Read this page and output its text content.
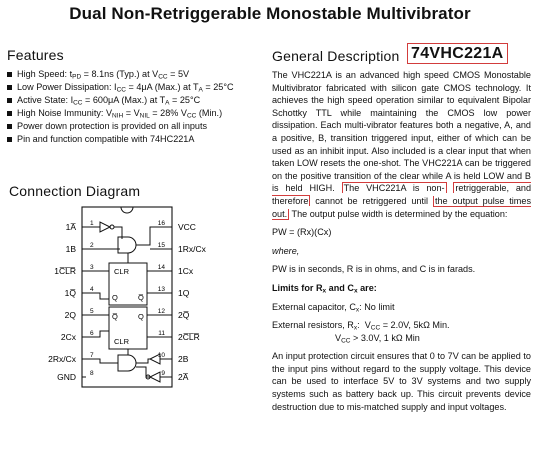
Dual Non-Retriggerable Monostable Multivibrator
Features
High Speed: $t_{PD} = 8.1ns$ (Typ.) at $V_{CC} = 5V$
Low Power Dissipation: $I_{CC} = 4\mu A$ (Max.) at $T_A = 25^\circ C$
Active State: $I_{CC} = 600\mu A$ (Max.) at $T_A = 25^\circ C$
High Noise Immunity: $V_{NIH} = V_{NIL} = 28\%$ $V_{CC}$ (Min.)
Power down protection is provided on all inputs
Pin and function compatible with 74HC221A
Connection Diagram
1A̅
1B
1C̅L̅R̅
1Q̅
2Q
2Cx
2Rx/Cx
GND
1
2
3
4
5
6
7
8
VCC
1Rx/Cx
1Cx
1Q
2Q̅
2C̅L̅R̅
2B
2A̅
16
15
14
13
12
11
10
9
CLR
Q	Q̅
Q̅	Q
CLR
General Description 74VHC221A

The VHC221A is an advanced high speed CMOS Monostable Multivibrator fabricated with silicon gate CMOS technology. It achieves the high speed operation similar to equivalent Bipolar Schottky TTL while maintaining the CMOS low power dissipation. Each multi-vibrator features both a negative, A, and a positive, B, transition triggered input, either of which can be used as an inhibit input. Also included is a clear input that when taken LOW resets the one-shot. The VHC221A can be triggered on the positive transition of the clear while A is held LOW and B is held HIGH. The VHC221A is non- retriggerable, and therefore cannot be retriggered until the output pulse times out. The output pulse width is determined by the equation:

PW = (Rx)(Cx)

where,

PW is in seconds, R is in ohms, and C is in farads.

Limits for $R_x$ and $C_x$ are:

External capacitor, $C_x$: No limit

External resistors, $R_x$:  $V_{CC} = 2.0V$, 5kΩ Min.

$V_{CC} > 3.0V$, 1 kΩ Min

An input protection circuit ensures that 0 to 7V can be applied to the input pins without regard to the supply voltage. This device can be used to interface 5V to 3V systems and two supply systems such as battery back up. This circuit prevents device destruction due to mis-matched supply and input voltages.
